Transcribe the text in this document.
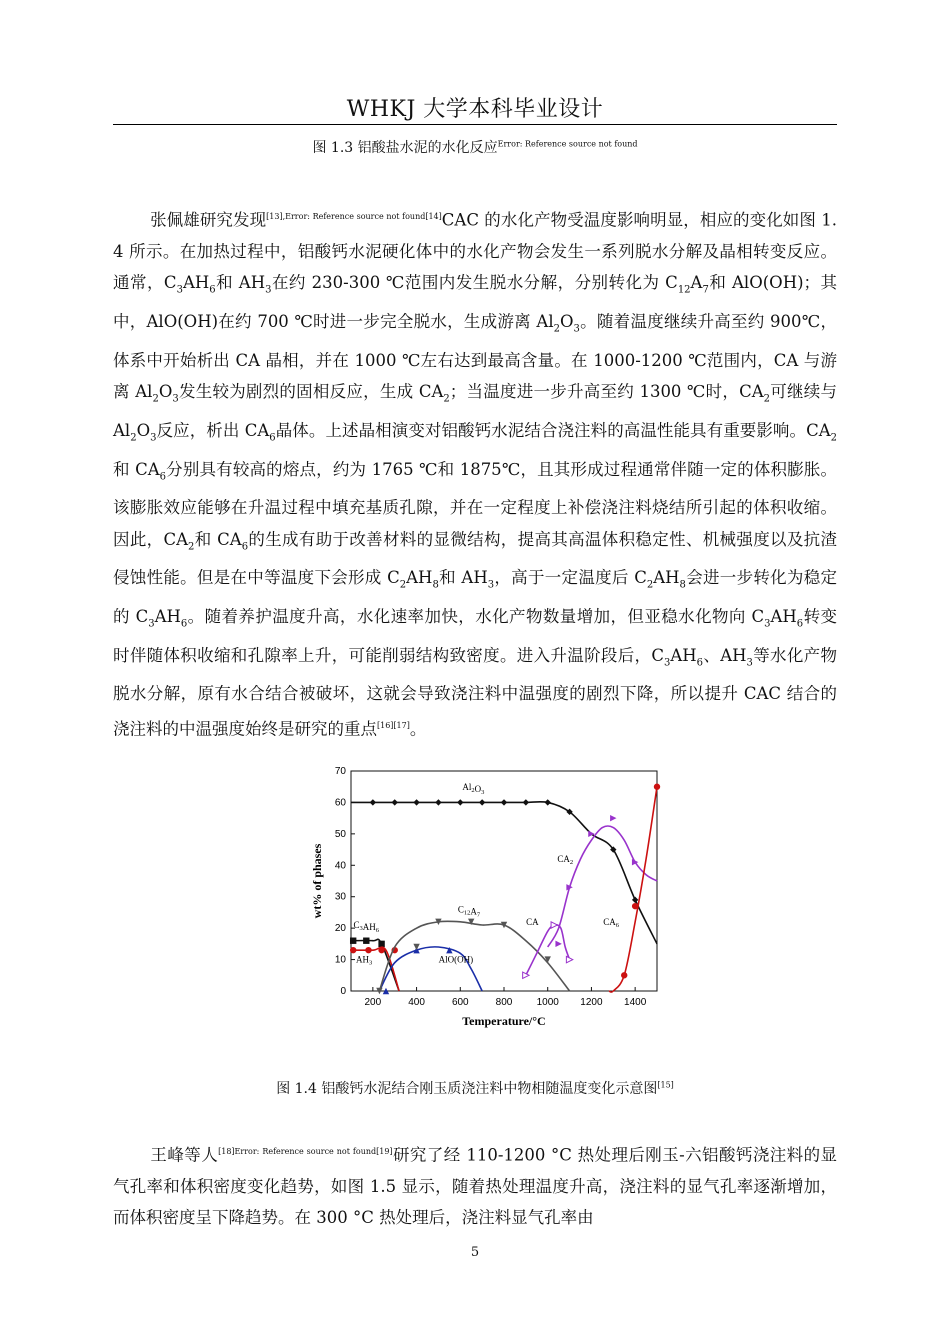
WHKJ 大学本科毕业设计
图 1.3 铝酸盐水泥的水化反应$^{Error: Reference source not found}$
张佩雄研究发现[13],Error: Reference source not found[14]CAC 的水化产物受温度影响明显，相应的变化如图 1.4 所示。在加热过程中，铝酸钙水泥硬化体中的水化产物会发生一系列脱水分解及晶相转变反应。通常，$C_3AH_6$和 $AH_3$在约 230-300 ℃范围内发生脱水分解，分别转化为 $C_{12}A_7$和 AlO(OH)；其中，AlO(OH)在约 700 ℃时进一步完全脱水，生成游离 $Al_2O_3$。随着温度继续升高至约 900℃，体系中开始析出 CA 晶相，并在 1000 ℃左右达到最高含量。在 1000-1200 ℃范围内，CA 与游离 $Al_2O_3$发生较为剧烈的固相反应，生成 $CA_2$；当温度进一步升高至约 1300 ℃时，$CA_2$可继续与 $Al_2O_3$反应，析出 $CA_6$晶体。上述晶相演变对铝酸钙水泥结合浇注料的高温性能具有重要影响。$CA_2$和 $CA_6$分别具有较高的熔点，约为 1765 ℃和 1875℃，且其形成过程通常伴随一定的体积膨胀。该膨胀效应能够在升温过程中填充基质孔隙，并在一定程度上补偿浇注料烧结所引起的体积收缩。因此，$CA_2$和 $CA_6$的生成有助于改善材料的显微结构，提高其高温体积稳定性、机械强度以及抗渣侵蚀性能。但是在中等温度下会形成 $C_2AH_8$和 $AH_3$，高于一定温度后 $C_2AH_8$会进一步转化为稳定的 $C_3AH_6$。随着养护温度升高，水化速率加快，水化产物数量增加，但亚稳水化物向 $C_3AH_6$转变时伴随体积收缩和孔隙率上升，可能削弱结构致密度。进入升温阶段后，$C_3AH_6$、$AH_3$等水化产物脱水分解，原有水合结合被破坏，这就会导致浇注料中温强度的剧烈下降，所以提升 CAC 结合的浇注料的中温强度始终是研究的重点[16][17]。
200	400	600	800 1000 1200 1400
0
10
20
30
40
50
60
70
Temperature/°C
wt% of phases
$Al_2O_3$
$C_{12}A_7$
$C_3AH_6$
$AH_3$	AlO(OH)
CA
$CA_2$
$CA_6$
图 1.4 铝酸钙水泥结合刚玉质浇注料中物相随温度变化示意图[15]
王峰等人[18]Error: Reference source not found[19]研究了经 110-1200 °C 热处理后刚玉-六铝酸钙浇注料的显气孔率和体积密度变化趋势，如图 1.5 显示，随着热处理温度升高，浇注料的显气孔率逐渐增加，而体积密度呈下降趋势。在 300 °C 热处理后，浇注料显气孔率由
5
